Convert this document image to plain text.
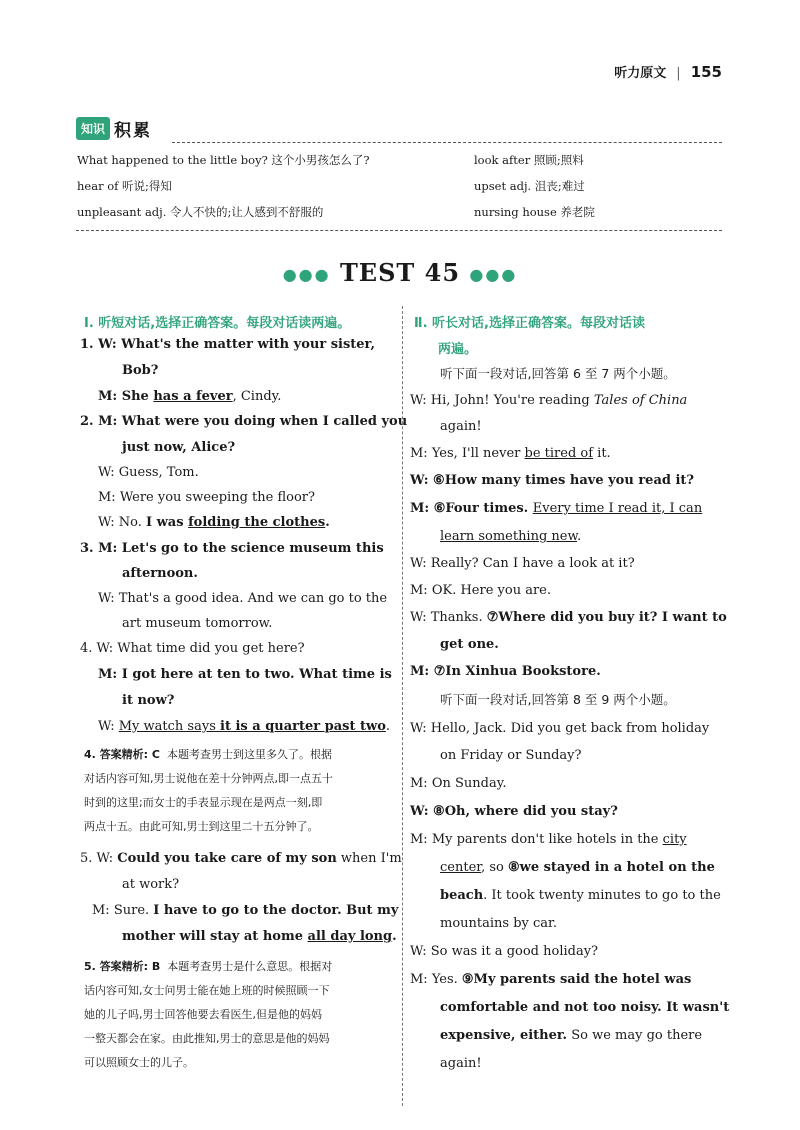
听力原文 | 155
知识 积累
What happened to the little boy? 这个小男孩怎么了?
hear of 听说;得知
unpleasant adj. 令人不快的;让人感到不舒服的
look after 照顾;照料
upset adj. 沮丧;难过
nursing house 养老院
●●● TEST 45 ●●●
Ⅰ. 听短对话,选择正确答案。每段对话读两遍。
1. W: What's the matter with your sister,
Bob?
M: She has a fever, Cindy.
2. M: What were you doing when I called you
just now, Alice?
W: Guess, Tom.
M: Were you sweeping the floor?
W: No. I was folding the clothes.
3. M: Let's go to the science museum this
afternoon.
W: That's a good idea. And we can go to the
art museum tomorrow.
4. W: What time did you get here?
M: I got here at ten to two. What time is
it now?
W: My watch says it is a quarter past two.
4. 答案精析: C 本题考查男士到这里多久了。根据
对话内容可知,男士说他在差十分钟两点,即一点五十
时到的这里;而女士的手表显示现在是两点一刻,即
两点十五。由此可知,男士到这里二十五分钟了。
5. W: Could you take care of my son when I'm
at work?
M: Sure. I have to go to the doctor. But my
mother will stay at home all day long.
5. 答案精析: B 本题考查男士是什么意思。根据对
话内容可知,女士问男士能在她上班的时候照顾一下
她的儿子吗,男士回答他要去看医生,但是他的妈妈
一整天都会在家。由此推知,男士的意思是他的妈妈
可以照顾女士的儿子。
Ⅱ. 听长对话,选择正确答案。每段对话读
两遍。
听下面一段对话,回答第 6 至 7 两个小题。
W: Hi, John! You're reading Tales of China
again!
M: Yes, I'll never be tired of it.
W: ⑥How many times have you read it?
M: ⑥Four times. Every time I read it, I can
learn something new.
W: Really? Can I have a look at it?
M: OK. Here you are.
W: Thanks. ⑦Where did you buy it? I want to
get one.
M: ⑦In Xinhua Bookstore.
听下面一段对话,回答第 8 至 9 两个小题。
W: Hello, Jack. Did you get back from holiday
on Friday or Sunday?
M: On Sunday.
W: ⑧Oh, where did you stay?
M: My parents don't like hotels in the city
center, so ⑧we stayed in a hotel on the
beach. It took twenty minutes to go to the
mountains by car.
W: So was it a good holiday?
M: Yes. ⑨My parents said the hotel was
comfortable and not too noisy. It wasn't
expensive, either. So we may go there
again!
